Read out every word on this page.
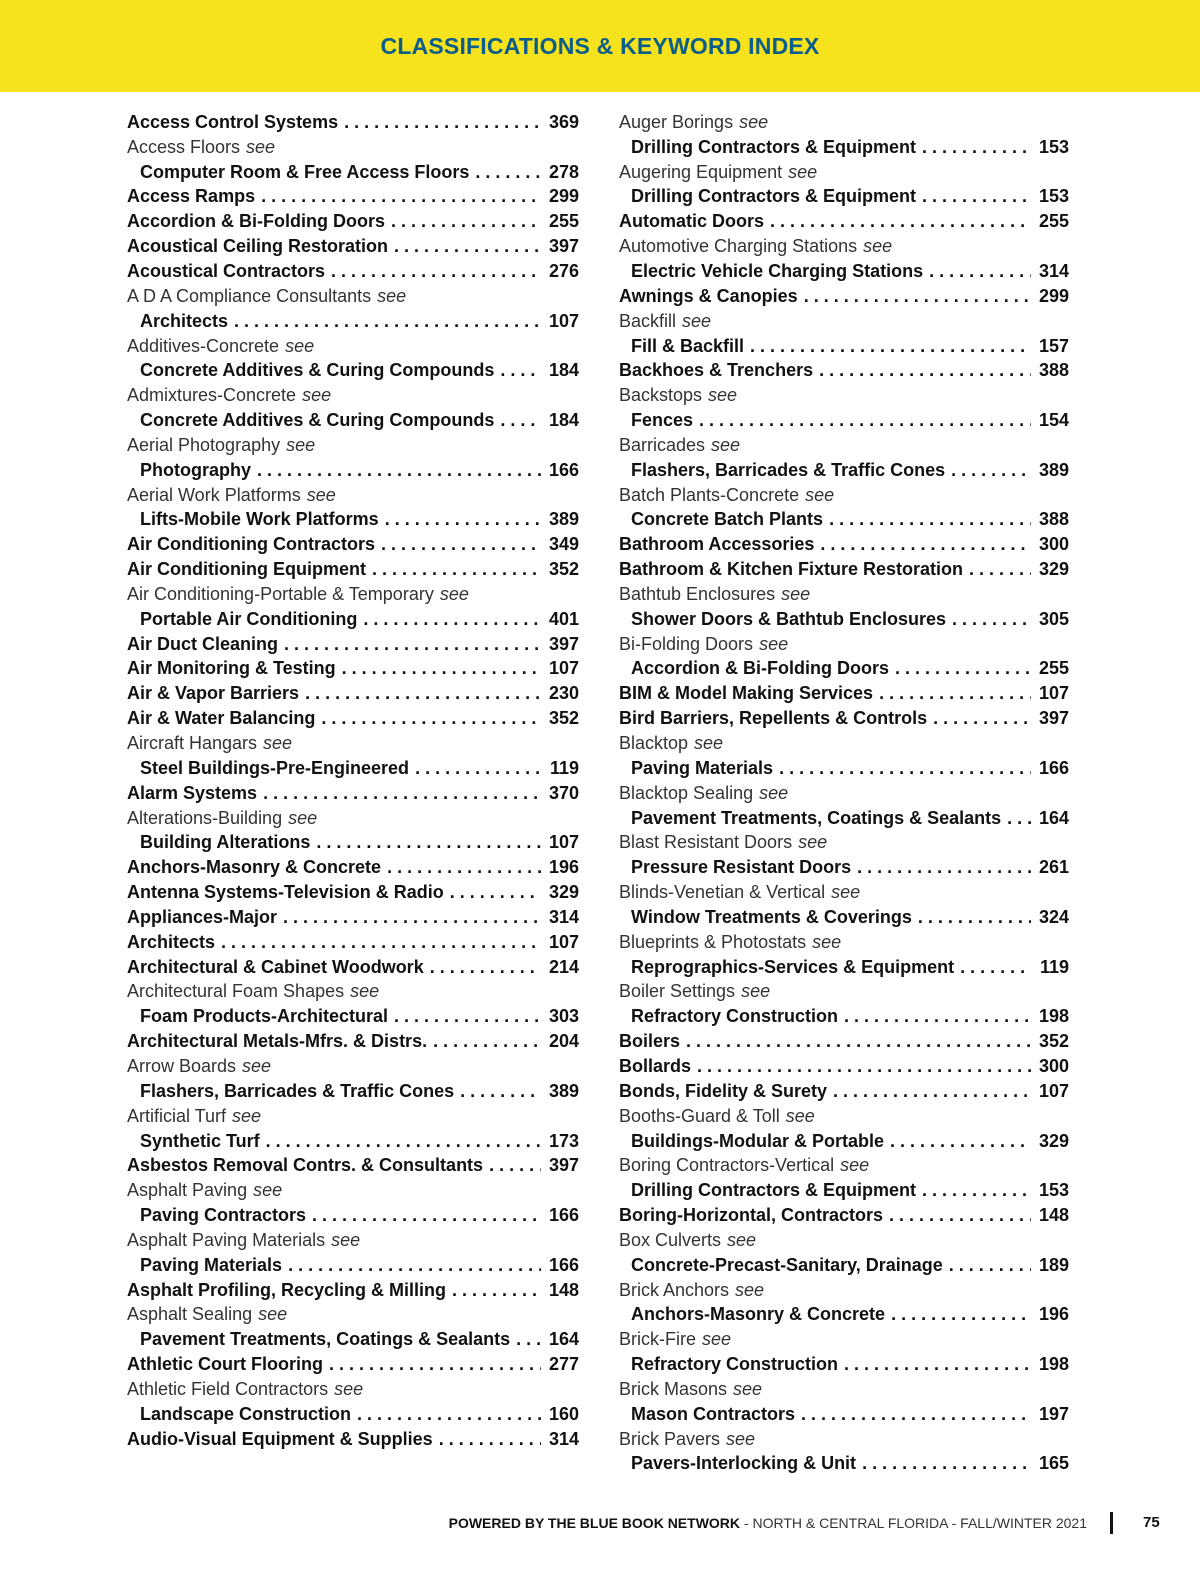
CLASSIFICATIONS & KEYWORD INDEX
Access Control Systems . . .	369
Access Floors see
Computer Room & Free Access Floors . . .	278
Access Ramps . . .	299
Accordion & Bi-Folding Doors . . .	255
Acoustical Ceiling Restoration . . .	397
Acoustical Contractors . . .	276
A D A Compliance Consultants see
Architects . . .	107
Additives-Concrete see
Concrete Additives & Curing Compounds . . .	184
Admixtures-Concrete see
Concrete Additives & Curing Compounds . . .	184
Aerial Photography see
Photography . . .	166
Aerial Work Platforms see
Lifts-Mobile Work Platforms . . .	389
Air Conditioning Contractors . . .	349
Air Conditioning Equipment . . .	352
Air Conditioning-Portable & Temporary see
Portable Air Conditioning . . .	401
Air Duct Cleaning . . .	397
Air Monitoring & Testing . . .	107
Air & Vapor Barriers . . .	230
Air & Water Balancing . . .	352
Aircraft Hangars see
Steel Buildings-Pre-Engineered . . .	119
Alarm Systems . . .	370
Alterations-Building see
Building Alterations . . .	107
Anchors-Masonry & Concrete . . .	196
Antenna Systems-Television & Radio . . .	329
Appliances-Major . . .	314
Architects . . .	107
Architectural & Cabinet Woodwork . . .	214
Architectural Foam Shapes see
Foam Products-Architectural . . .	303
Architectural Metals-Mfrs. & Distrs. . . .	204
Arrow Boards see
Flashers, Barricades & Traffic Cones . . .	389
Artificial Turf see
Synthetic Turf . . .	173
Asbestos Removal Contrs. & Consultants . . .	397
Asphalt Paving see
Paving Contractors . . .	166
Asphalt Paving Materials see
Paving Materials . . .	166
Asphalt Profiling, Recycling & Milling . . .	148
Asphalt Sealing see
Pavement Treatments, Coatings & Sealants . . . 164
Athletic Court Flooring . . .	277
Athletic Field Contractors see
Landscape Construction . . .	160
Audio-Visual Equipment & Supplies . . .	314
Auger Borings see
Drilling Contractors & Equipment . . .	153
Augering Equipment see
Drilling Contractors & Equipment . . .	153
Automatic Doors . . .	255
Automotive Charging Stations see
Electric Vehicle Charging Stations . . .	314
Awnings & Canopies . . .	299
Backfill see
Fill & Backfill . . .	157
Backhoes & Trenchers . . .	388
Backstops see
Fences . . .	154
Barricades see
Flashers, Barricades & Traffic Cones . . .	389
Batch Plants-Concrete see
Concrete Batch Plants . . .	388
Bathroom Accessories . . .	300
Bathroom & Kitchen Fixture Restoration . . .	329
Bathtub Enclosures see
Shower Doors & Bathtub Enclosures . . .	305
Bi-Folding Doors see
Accordion & Bi-Folding Doors . . .	255
BIM & Model Making Services . . .	107
Bird Barriers, Repellents & Controls . . .	397
Blacktop see
Paving Materials . . .	166
Blacktop Sealing see
Pavement Treatments, Coatings & Sealants . . . 164
Blast Resistant Doors see
Pressure Resistant Doors . . .	261
Blinds-Venetian & Vertical see
Window Treatments & Coverings . . .	324
Blueprints & Photostats see
Reprographics-Services & Equipment . . .	119
Boiler Settings see
Refractory Construction . . .	198
Boilers . . .	352
Bollards . . .	300
Bonds, Fidelity & Surety . . .	107
Booths-Guard & Toll see
Buildings-Modular & Portable . . .	329
Boring Contractors-Vertical see
Drilling Contractors & Equipment . . .	153
Boring-Horizontal, Contractors . . .	148
Box Culverts see
Concrete-Precast-Sanitary, Drainage . . .	189
Brick Anchors see
Anchors-Masonry & Concrete . . .	196
Brick-Fire see
Refractory Construction . . .	198
Brick Masons see
Mason Contractors . . .	197
Brick Pavers see
Pavers-Interlocking & Unit . . .	165
POWERED BY THE BLUE BOOK NETWORK - NORTH & CENTRAL FLORIDA - FALL/WINTER 2021	75
